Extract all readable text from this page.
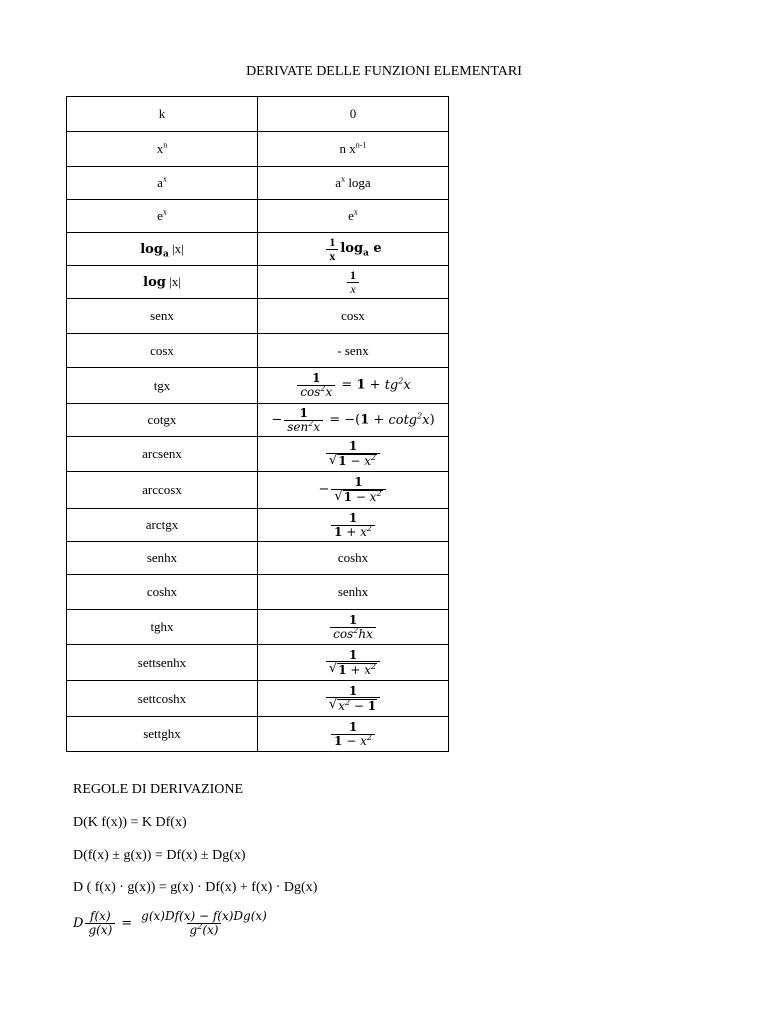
DERIVATE DELLE FUNZIONI ELEMENTARI
k	0
$x^n$	n $x^{n-1}$
$a^x$	$a^x$ loga
$e^x$	$e^x$
$\log_a |x|$	$\frac{1}{x} \log_a e$
log |x|	$\frac{1}{x}$

senx	cosx
cosx	- senx
tgx	$\frac{1}{\cos^2x} = 1 + tg^2x$
cotgx	− $\frac{1}{sen^2x} = -(1 + \cot g^2x)$
arcsenx	$\frac{1}{√ 1 - x^2}$

arccosx	− $\frac{1}{√ 1 - x^2}$

arctgx	$\frac{1}{1 + x^2}$

senhx	coshx
coshx	senhx
tghx	$\frac{1}{\cos^2hx}$

settsenhx	$\frac{1}{√ 1 + x^2}$

settcoshx	$\frac{1}{√ x^2 - 1}$

settghx	$\frac{1}{1 - x^2}$
REGOLE DI DERIVAZIONE
D(K f(x)) = K Df(x)
D(f(x) ± g(x)) = Df(x) ± Dg(x)
D ( f(x) · g(x)) = g(x) · Df(x) + f(x) · Dg(x)
D $\frac{f(x)}{g(x)} = \frac{g(x)Df(x) - f(x)Dg(x)}{g^2(x)}$
